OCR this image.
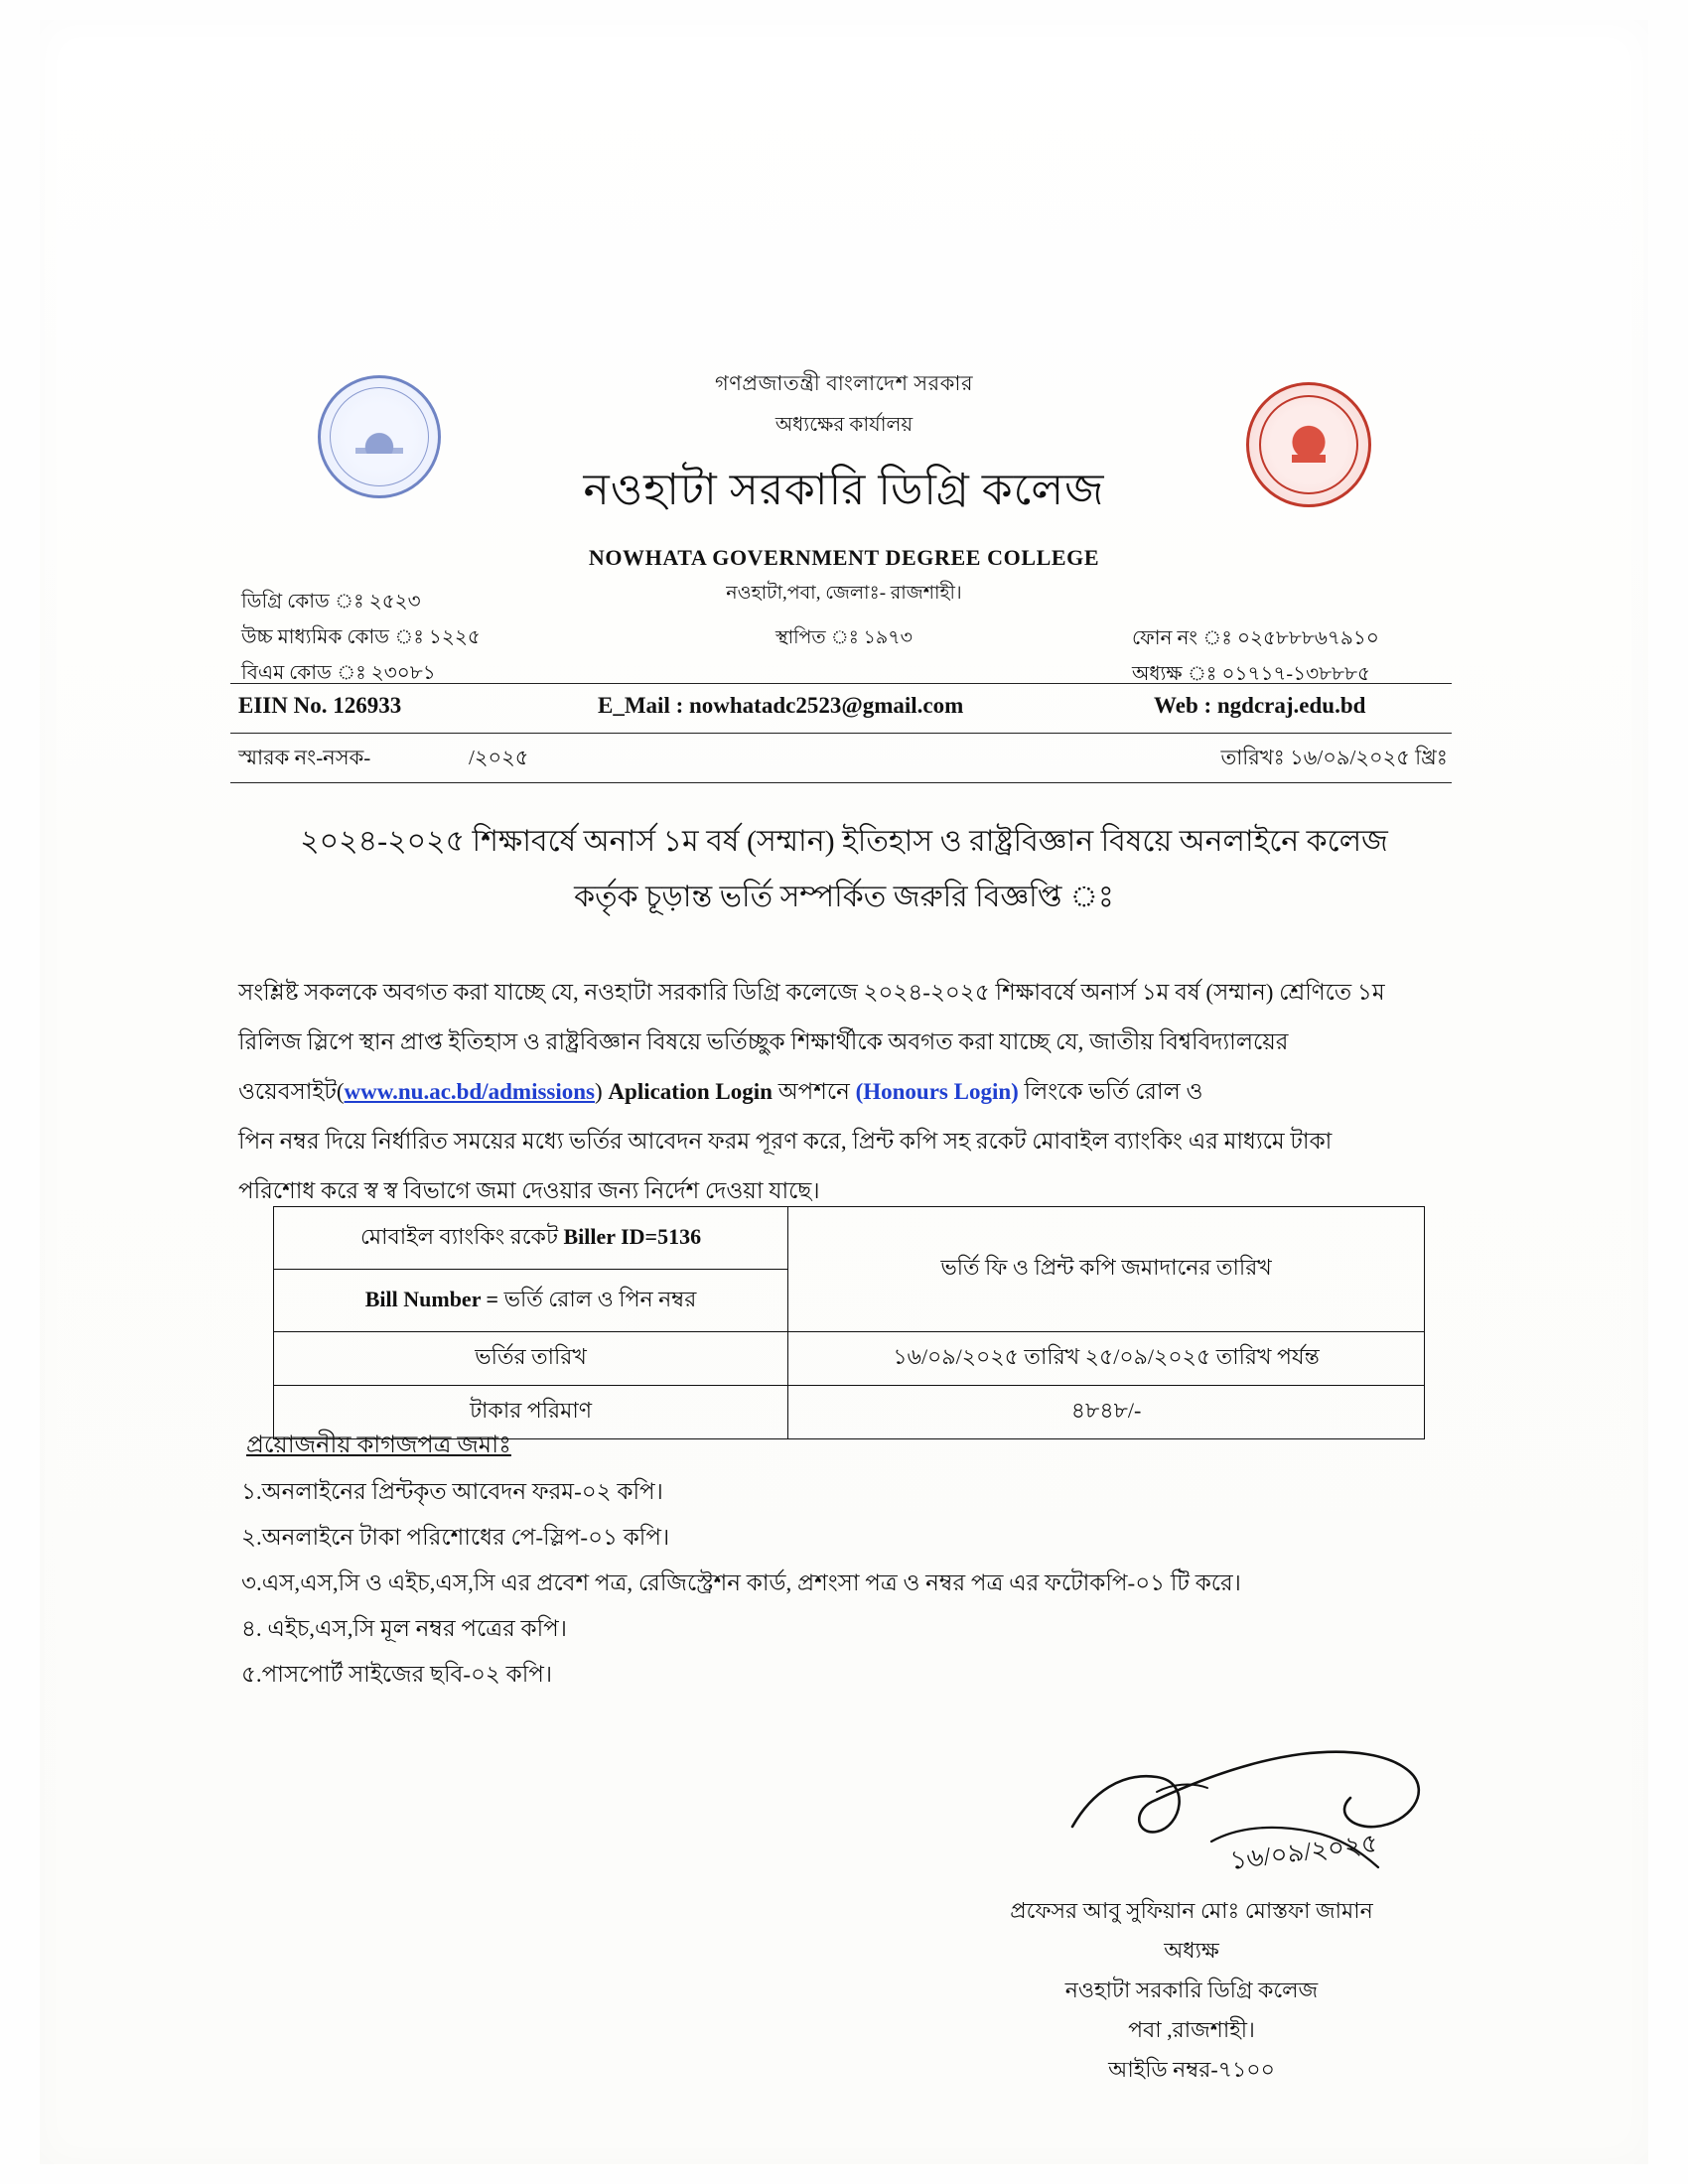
গণপ্রজাতন্ত্রী বাংলাদেশ সরকার
অধ্যক্ষের কার্যালয়
নওহাটা সরকারি ডিগ্রি কলেজ
NOWHATA GOVERNMENT DEGREE COLLEGE
নওহাটা,পবা, জেলাঃ- রাজশাহী।
ডিগ্রি কোড ঃ ২৫২৩
উচ্চ মাধ্যমিক কোড ঃ ১২২৫
বিএম কোড ঃ ২৩০৮১
স্থাপিত ঃ ১৯৭৩	ফোন নং ঃ ০২৫৮৮৮৬৭৯১০
অধ্যক্ষ ঃ ০১৭১৭-১৩৮৮৮৫
EIIN No. 126933	E_Mail : nowhatadc2523@gmail.com	Web : ngdcraj.edu.bd
স্মারক নং-নসক-	/২০২৫	তারিখঃ ১৬/০৯/২০২৫ খ্রিঃ
২০২৪-২০২৫ শিক্ষাবর্ষে অনার্স ১ম বর্ষ (সম্মান) ইতিহাস ও রাষ্ট্রবিজ্ঞান বিষয়ে অনলাইনে কলেজ
কর্তৃক চূড়ান্ত ভর্তি সম্পর্কিত জরুরি বিজ্ঞপ্তি ঃ
সংশ্লিষ্ট সকলকে অবগত করা যাচ্ছে যে, নওহাটা সরকারি ডিগ্রি কলেজে ২০২৪-২০২৫ শিক্ষাবর্ষে অনার্স ১ম বর্ষ (সম্মান) শ্রেণিতে ১ম
রিলিজ স্লিপে স্থান প্রাপ্ত ইতিহাস ও রাষ্ট্রবিজ্ঞান বিষয়ে ভর্তিচ্ছুক শিক্ষার্থীকে অবগত করা যাচ্ছে যে, জাতীয় বিশ্ববিদ্যালয়ের
ওয়েবসাইট(www.nu.ac.bd/admissions) Aplication Login অপশনে (Honours Login) লিংকে ভর্তি রোল ও
পিন নম্বর দিয়ে নির্ধারিত সময়ের মধ্যে ভর্তির আবেদন ফরম পূরণ করে, প্রিন্ট কপি সহ রকেট মোবাইল ব্যাংকিং এর মাধ্যমে টাকা
পরিশোধ করে স্ব স্ব বিভাগে জমা দেওয়ার জন্য নির্দেশ দেওয়া যাছে।
মোবাইল ব্যাংকিং রকেট Biller ID=5136	ভর্তি ফি ও প্রিন্ট কপি জমাদানের তারিখ
Bill Number = ভর্তি রোল ও পিন নম্বর	
ভর্তির তারিখ	১৬/০৯/২০২৫ তারিখ ২৫/০৯/২০২৫ তারিখ পর্যন্ত
টাকার পরিমাণ	৪৮৪৮/-
প্রয়োজনীয় কাগজপত্র জমাঃ
১.অনলাইনের প্রিন্টকৃত আবেদন ফরম-০২ কপি।
২.অনলাইনে টাকা পরিশোধের পে-স্লিপ-০১ কপি।
৩.এস,এস,সি ও এইচ,এস,সি এর প্রবেশ পত্র, রেজিস্ট্রেশন কার্ড, প্রশংসা পত্র ও নম্বর পত্র এর ফটোকপি-০১ টি করে।
৪. এইচ,এস,সি মূল নম্বর পত্রের কপি।
৫.পাসপোর্ট সাইজের ছবি-০২ কপি।
১৬/০৯/২০২৫
প্রফেসর আবু সুফিয়ান মোঃ মোস্তফা জামান
অধ্যক্ষ
নওহাটা সরকারি ডিগ্রি কলেজ
পবা ,রাজশাহী।
আইডি নম্বর-৭১০০
